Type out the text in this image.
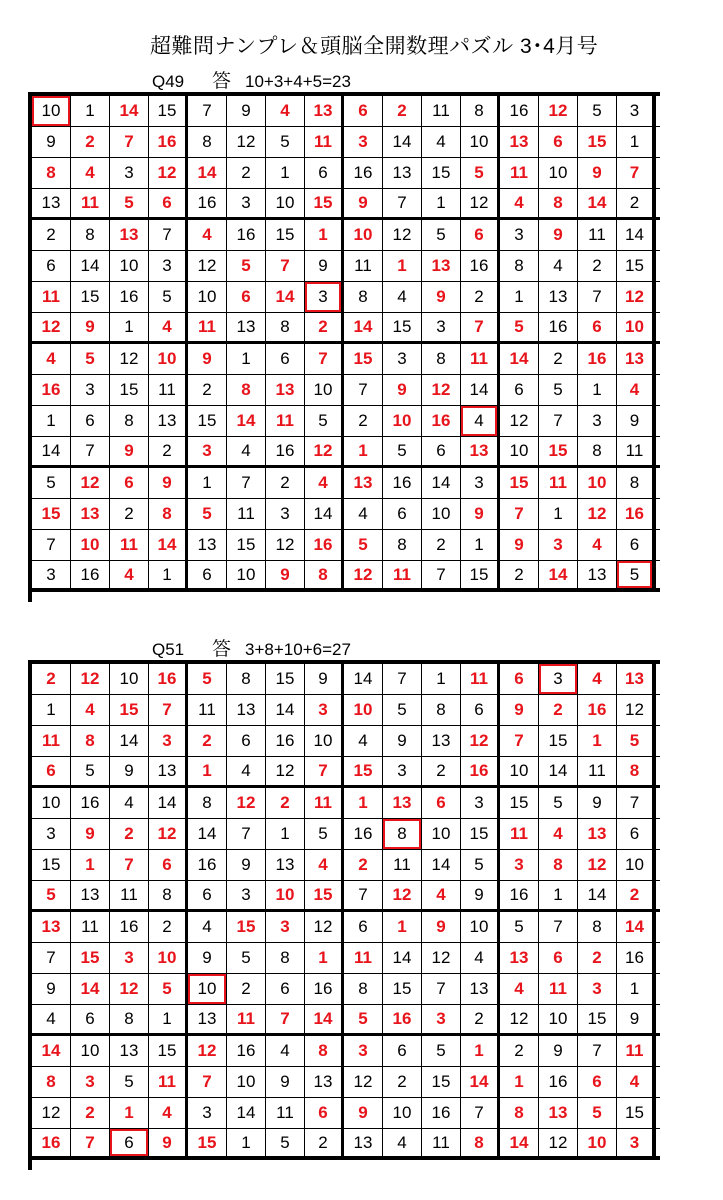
超難問ナンプレ＆頭脳全開数理パズル 3･4月号
Q49 答 10+3+4+5=23
10	1	14	15	7	9	4	13	6	2	11	8	16	12	5	3
9	2	7	16	8	12	5	11	3	14	4	10	13	6	15	1
8	4	3	12	14	2	1	6	16	13	15	5	11	10	9	7
13	11	5	6	16	3	10	15	9	7	1	12	4	8	14	2
2	8	13	7	4	16	15	1	10	12	5	6	3	9	11	14
6	14	10	3	12	5	7	9	11	1	13	16	8	4	2	15
11	15	16	5	10	6	14	3	8	4	9	2	1	13	7	12
12	9	1	4	11	13	8	2	14	15	3	7	5	16	6	10
4	5	12	10	9	1	6	7	15	3	8	11	14	2	16	13
16	3	15	11	2	8	13	10	7	9	12	14	6	5	1	4
1	6	8	13	15	14	11	5	2	10	16	4	12	7	3	9
14	7	9	2	3	4	16	12	1	5	6	13	10	15	8	11
5	12	6	9	1	7	2	4	13	16	14	3	15	11	10	8
15	13	2	8	5	11	3	14	4	6	10	9	7	1	12	16
7	10	11	14	13	15	12	16	5	8	2	1	9	3	4	6
3	16	4	1	6	10	9	8	12	11	7	15	2	14	13	5
Q51 答 3+8+10+6=27
2	12	10	16	5	8	15	9	14	7	1	11	6	3	4	13
1	4	15	7	11	13	14	3	10	5	8	6	9	2	16	12
11	8	14	3	2	6	16	10	4	9	13	12	7	15	1	5
6	5	9	13	1	4	12	7	15	3	2	16	10	14	11	8
10	16	4	14	8	12	2	11	1	13	6	3	15	5	9	7
3	9	2	12	14	7	1	5	16	8	10	15	11	4	13	6
15	1	7	6	16	9	13	4	2	11	14	5	3	8	12	10
5	13	11	8	6	3	10	15	7	12	4	9	16	1	14	2
13	11	16	2	4	15	3	12	6	1	9	10	5	7	8	14
7	15	3	10	9	5	8	1	11	14	12	4	13	6	2	16
9	14	12	5	10	2	6	16	8	15	7	13	4	11	3	1
4	6	8	1	13	11	7	14	5	16	3	2	12	10	15	9
14	10	13	15	12	16	4	8	3	6	5	1	2	9	7	11
8	3	5	11	7	10	9	13	12	2	15	14	1	16	6	4
12	2	1	4	3	14	11	6	9	10	16	7	8	13	5	15
16	7	6	9	15	1	5	2	13	4	11	8	14	12	10	3
